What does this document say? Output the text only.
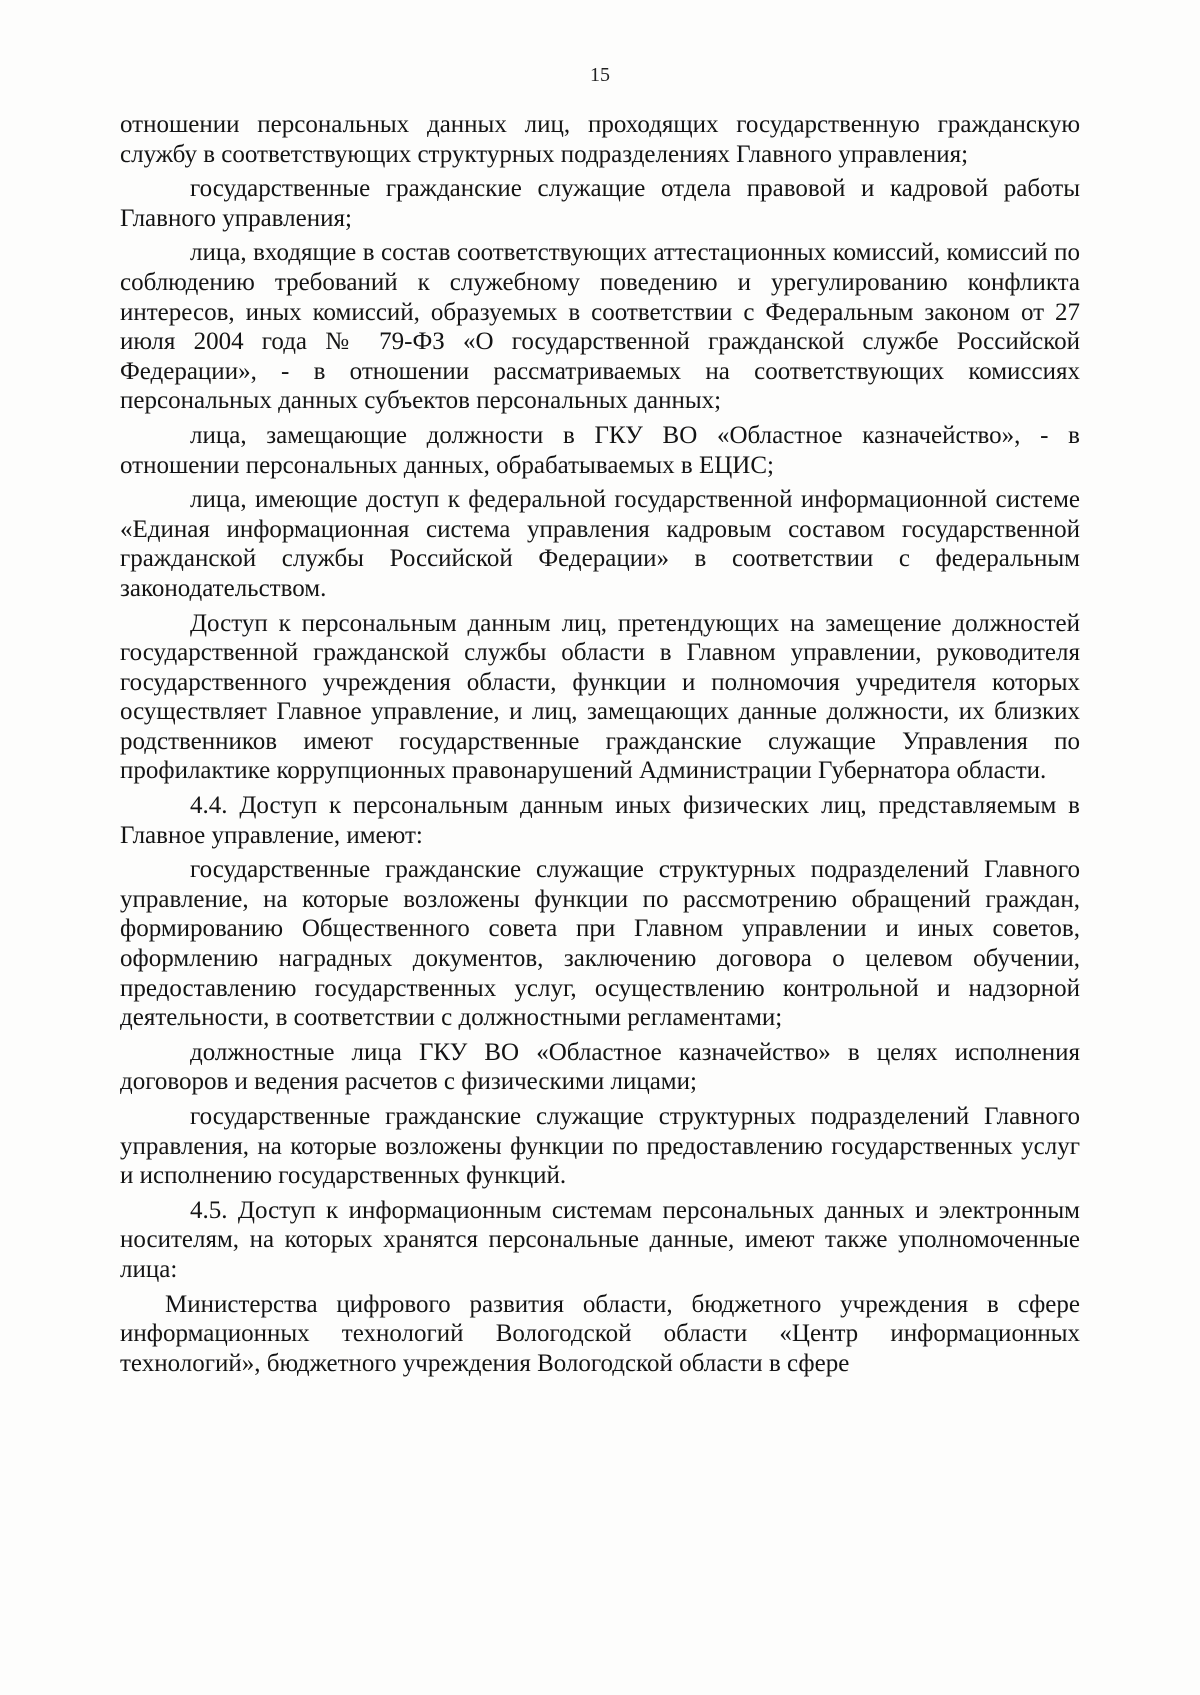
15

отношении персональных данных лиц, проходящих государственную гражданскую службу в соответствующих структурных подразделениях Главного управления;

государственные гражданские служащие отдела правовой и кадровой работы Главного управления;

лица, входящие в состав соответствующих аттестационных комиссий, комиссий по соблюдению требований к служебному поведению и урегулированию конфликта интересов, иных комиссий, образуемых в соответствии с Федеральным законом от 27 июля 2004 года № 79-ФЗ «О государственной гражданской службе Российской Федерации», - в отношении рассматриваемых на соответствующих комиссиях персональных данных субъектов персональных данных;

лица, замещающие должности в ГКУ ВО «Областное казначейство», - в отношении персональных данных, обрабатываемых в ЕЦИС;

лица, имеющие доступ к федеральной государственной информационной системе «Единая информационная система управления кадровым составом государственной гражданской службы Российской Федерации» в соответствии с федеральным законодательством.

Доступ к персональным данным лиц, претендующих на замещение должностей государственной гражданской службы области в Главном управлении, руководителя государственного учреждения области, функции и полномочия учредителя которых осуществляет Главное управление, и лиц, замещающих данные должности, их близких родственников имеют государственные гражданские служащие Управления по профилактике коррупционных правонарушений Администрации Губернатора области.

4.4. Доступ к персональным данным иных физических лиц, представляемым в Главное управление, имеют:

государственные гражданские служащие структурных подразделений Главного управление, на которые возложены функции по рассмотрению обращений граждан, формированию Общественного совета при Главном управлении и иных советов, оформлению наградных документов, заключению договора о целевом обучении, предоставлению государственных услуг, осуществлению контрольной и надзорной деятельности, в соответствии с должностными регламентами;

должностные лица ГКУ ВО «Областное казначейство» в целях исполнения договоров и ведения расчетов с физическими лицами;

государственные гражданские служащие структурных подразделений Главного управления, на которые возложены функции по предоставлению государственных услуг и исполнению государственных функций.

4.5. Доступ к информационным системам персональных данных и электронным носителям, на которых хранятся персональные данные, имеют также уполномоченные лица:

Министерства цифрового развития области, бюджетного учреждения в сфере информационных технологий Вологодской области «Центр информационных технологий», бюджетного учреждения Вологодской области в сфере
